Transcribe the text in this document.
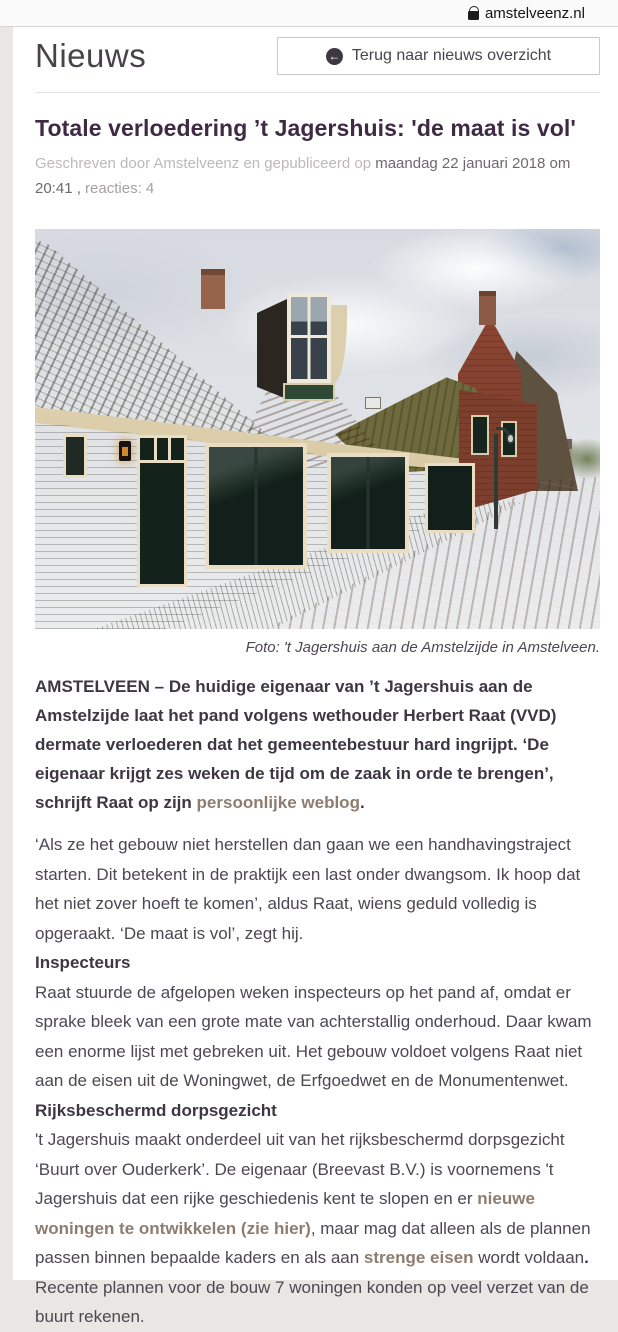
amstelveenz.nl
Nieuws ←	Terug naar nieuws overzicht
Totale verloedering ’t Jagershuis: 'de maat is vol'
Geschreven door Amstelveenz en gepubliceerd op maandag 22 januari 2018 om 20:41 , reacties: 4
Foto: 't Jagershuis aan de Amstelzijde in Amstelveen.

AMSTELVEEN – De huidige eigenaar van ’t Jagershuis aan de Amstelzijde laat het pand volgens wethouder Herbert Raat (VVD) dermate verloederen dat het gemeentebestuur hard ingrijpt. ‘De eigenaar krijgt zes weken de tijd om de zaak in orde te brengen’, schrijft Raat op zijn persoonlijke weblog.

‘Als ze het gebouw niet herstellen dan gaan we een handhavingstraject starten. Dit betekent in de praktijk een last onder dwangsom. Ik hoop dat het niet zover hoeft te komen’, aldus Raat, wiens geduld volledig is opgeraakt. ‘De maat is vol’, zegt hij.
Inspecteurs
Raat stuurde de afgelopen weken inspecteurs op het pand af, omdat er sprake bleek van een grote mate van achterstallig onderhoud. Daar kwam een enorme lijst met gebreken uit. Het gebouw voldoet volgens Raat niet aan de eisen uit de Woningwet, de Erfgoedwet en de Monumentenwet.
Rijksbeschermd dorpsgezicht
't Jagershuis maakt onderdeel uit van het rijksbeschermd dorpsgezicht ‘Buurt over Ouderkerk’. De eigenaar (Breevast B.V.) is voornemens 't Jagershuis dat een rijke geschiedenis kent te slopen en er nieuwe woningen te ontwikkelen (zie hier), maar mag dat alleen als de plannen passen binnen bepaalde kaders en als aan strenge eisen wordt voldaan. Recente plannen voor de bouw 7 woningen konden op veel verzet van de buurt rekenen.
